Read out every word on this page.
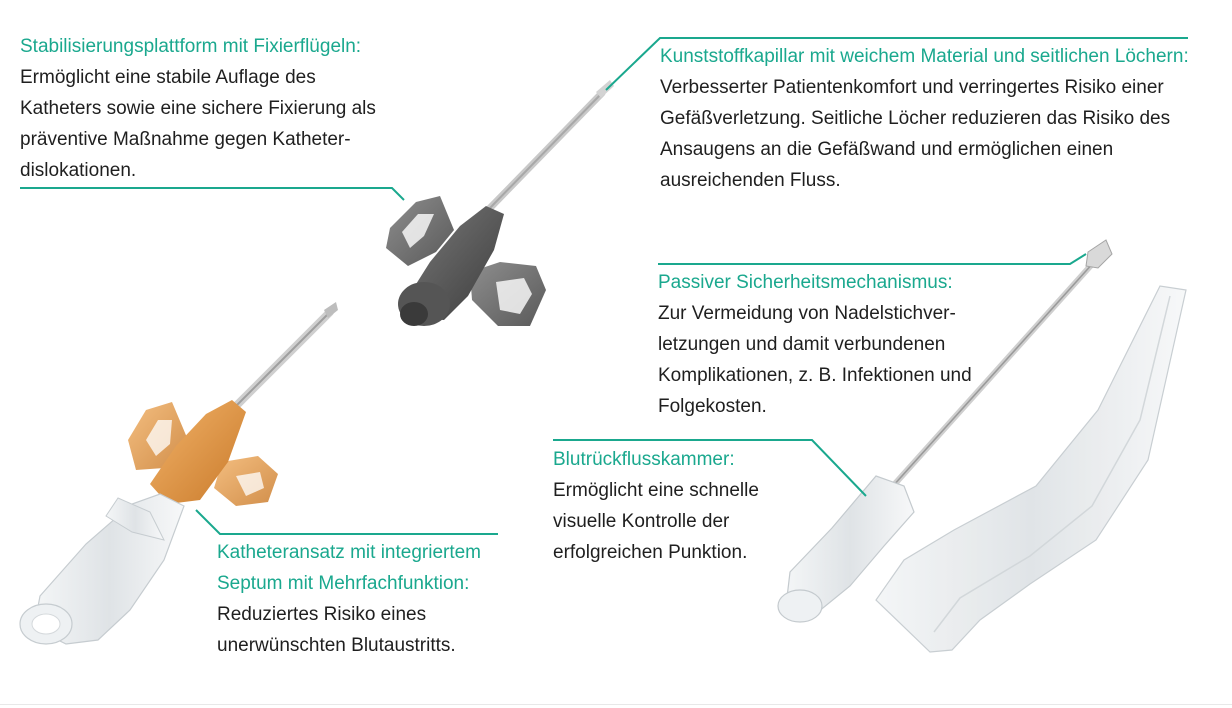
Stabilisierungsplattform mit Fixierflügeln:

Ermöglicht eine stabile Auflage des Katheters sowie eine sichere Fixierung als präventive Maßnahme gegen Katheter-dislokationen.

Kunststoffkapillar mit weichem Material und seitlichen Löchern:

Verbesserter Patientenkomfort und verringertes Risiko einer Gefäßverletzung. Seitliche Löcher reduzieren das Risiko des Ansaugens an die Gefäßwand und ermöglichen einen ausreichenden Fluss.

Passiver Sicherheitsmechanismus:

Zur Vermeidung von Nadelstichver-letzungen und damit verbundenen Komplikationen, z. B. Infektionen und Folgekosten.

Blutrückflusskammer:

Ermöglicht eine schnelle visuelle Kontrolle der erfolgreichen Punktion.

Katheteransatz mit integriertem Septum mit Mehrfachfunktion:

Reduziertes Risiko eines unerwünschten Blutaustritts.
